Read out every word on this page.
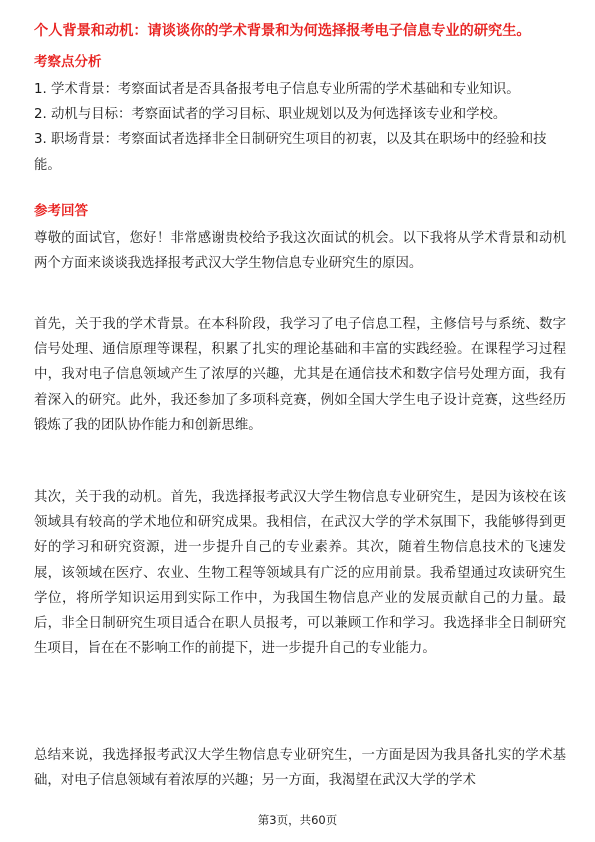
个人背景和动机：请谈谈你的学术背景和为何选择报考电子信息专业的研究生。
考察点分析
1. 学术背景：考察面试者是否具备报考电子信息专业所需的学术基础和专业知识。
2. 动机与目标：考察面试者的学习目标、职业规划以及为何选择该专业和学校。
3. 职场背景：考察面试者选择非全日制研究生项目的初衷，以及其在职场中的经验和技能。
参考回答

尊敬的面试官，您好！非常感谢贵校给予我这次面试的机会。以下我将从学术背景和动机两个方面来谈谈我选择报考武汉大学生物信息专业研究生的原因。

首先，关于我的学术背景。在本科阶段，我学习了电子信息工程，主修信号与系统、数字信号处理、通信原理等课程，积累了扎实的理论基础和丰富的实践经验。在课程学习过程中，我对电子信息领域产生了浓厚的兴趣，尤其是在通信技术和数字信号处理方面，我有着深入的研究。此外，我还参加了多项科竞赛，例如全国大学生电子设计竞赛，这些经历锻炼了我的团队协作能力和创新思维。

其次，关于我的动机。首先，我选择报考武汉大学生物信息专业研究生，是因为该校在该领域具有较高的学术地位和研究成果。我相信，在武汉大学的学术氛围下，我能够得到更好的学习和研究资源，进一步提升自己的专业素养。其次，随着生物信息技术的飞速发展，该领域在医疗、农业、生物工程等领域具有广泛的应用前景。我希望通过攻读研究生学位，将所学知识运用到实际工作中，为我国生物信息产业的发展贡献自己的力量。最后，非全日制研究生项目适合在职人员报考，可以兼顾工作和学习。我选择非全日制研究生项目，旨在在不影响工作的前提下，进一步提升自己的专业能力。

总结来说，我选择报考武汉大学生物信息专业研究生，一方面是因为我具备扎实的学术基础，对电子信息领域有着浓厚的兴趣；另一方面，我渴望在武汉大学的学术

第3页，共60页
